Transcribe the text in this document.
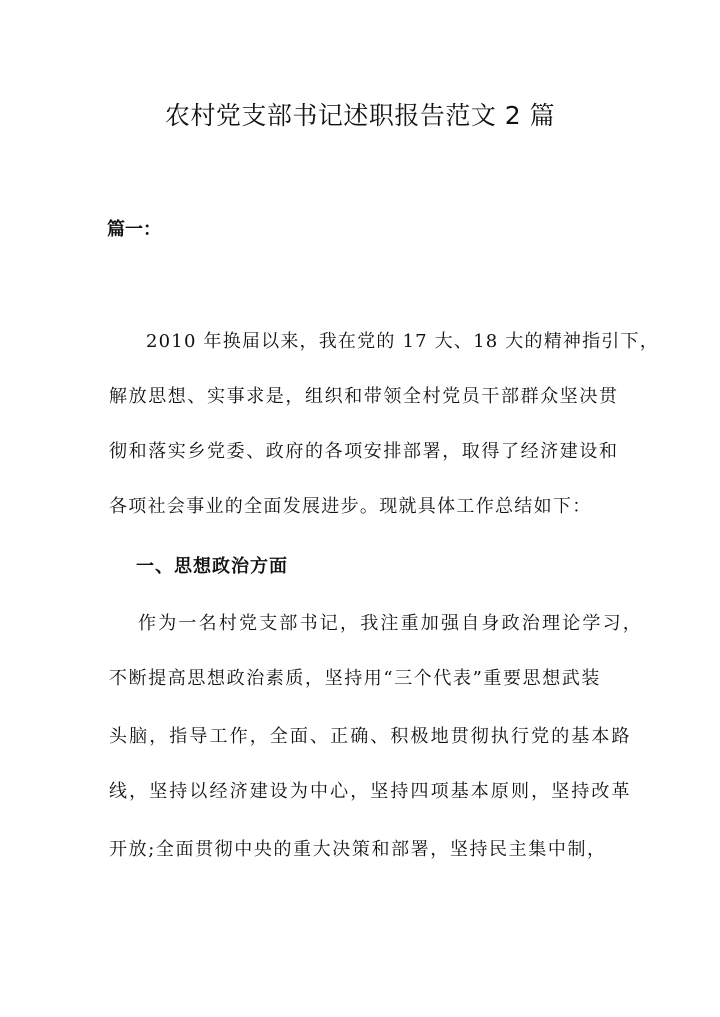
农村党支部书记述职报告范文 2 篇
篇一：
2010 年换届以来，我在党的 17 大、18 大的精神指引下，
解放思想、实事求是，组织和带领全村党员干部群众坚决贯
彻和落实乡党委、政府的各项安排部署，取得了经济建设和
各项社会事业的全面发展进步。现就具体工作总结如下：
一、思想政治方面
作为一名村党支部书记，我注重加强自身政治理论学习，
不断提高思想政治素质，坚持用“三个代表”重要思想武装
头脑，指导工作，全面、正确、积极地贯彻执行党的基本路
线，坚持以经济建设为中心，坚持四项基本原则，坚持改革
开放;全面贯彻中央的重大决策和部署，坚持民主集中制，
